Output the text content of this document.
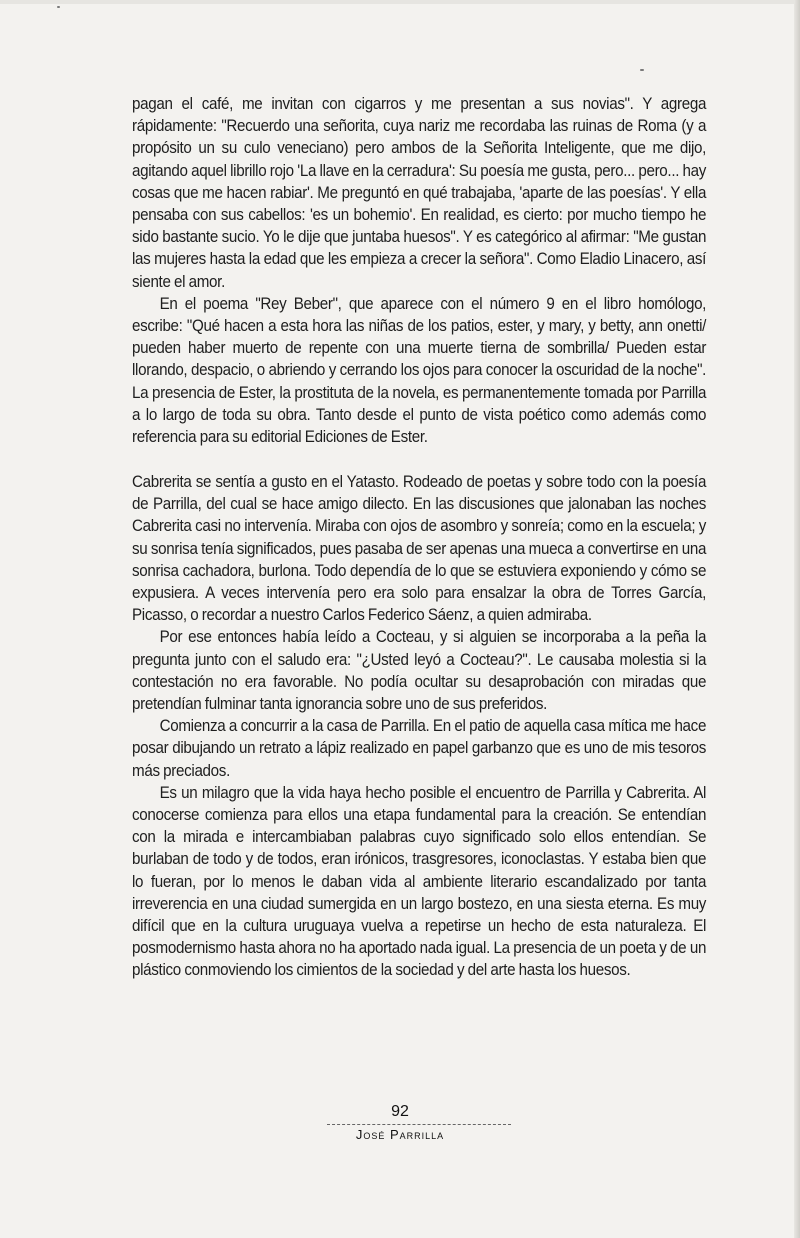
pagan el café, me invitan con cigarros y me presentan a sus novias". Y agrega rápidamente: "Recuerdo una señorita, cuya nariz me recordaba las ruinas de Roma (y a propósito un su culo veneciano) pero ambos de la Señorita Inteligente, que me dijo, agitando aquel librillo rojo 'La llave en la cerradura': Su poesía me gusta, pero... pero... hay cosas que me hacen rabiar'. Me preguntó en qué trabajaba, 'aparte de las poesías'. Y ella pensaba con sus cabellos: 'es un bohemio'. En realidad, es cierto: por mucho tiempo he sido bastante sucio. Yo le dije que juntaba huesos". Y es categórico al afirmar: "Me gustan las mujeres hasta la edad que les empieza a crecer la señora". Como Eladio Linacero, así siente el amor.

En el poema "Rey Beber", que aparece con el número 9 en el libro homólogo, escribe: "Qué hacen a esta hora las niñas de los patios, ester, y mary, y betty, ann onetti/ pueden haber muerto de repente con una muerte tierna de sombrilla/ Pueden estar llorando, despacio, o abriendo y cerrando los ojos para conocer la oscuridad de la noche". La presencia de Ester, la prostituta de la novela, es permanentemente tomada por Parrilla a lo largo de toda su obra. Tanto desde el punto de vista poético como además como referencia para su editorial Ediciones de Ester.

Cabrerita se sentía a gusto en el Yatasto. Rodeado de poetas y sobre todo con la poesía de Parrilla, del cual se hace amigo dilecto. En las discusiones que jalonaban las noches Cabrerita casi no intervenía. Miraba con ojos de asombro y sonreía; como en la escuela; y su sonrisa tenía significados, pues pasaba de ser apenas una mueca a convertirse en una sonrisa cachadora, burlona. Todo dependía de lo que se estuviera exponiendo y cómo se expusiera. A veces intervenía pero era solo para ensalzar la obra de Torres García, Picasso, o recordar a nuestro Carlos Federico Sáenz, a quien admiraba.

Por ese entonces había leído a Cocteau, y si alguien se incorporaba a la peña la pregunta junto con el saludo era: "¿Usted leyó a Cocteau?". Le causaba molestia si la contestación no era favorable. No podía ocultar su desaprobación con miradas que pretendían fulminar tanta ignorancia sobre uno de sus preferidos.

Comienza a concurrir a la casa de Parrilla. En el patio de aquella casa mítica me hace posar dibujando un retrato a lápiz realizado en papel garbanzo que es uno de mis tesoros más preciados.

Es un milagro que la vida haya hecho posible el encuentro de Parrilla y Cabrerita. Al conocerse comienza para ellos una etapa fundamental para la creación. Se entendían con la mirada e intercambiaban palabras cuyo significado solo ellos entendían. Se burlaban de todo y de todos, eran irónicos, trasgresores, iconoclastas. Y estaba bien que lo fueran, por lo menos le daban vida al ambiente literario escandalizado por tanta irreverencia en una ciudad sumergida en un largo bostezo, en una siesta eterna. Es muy difícil que en la cultura uruguaya vuelva a repetirse un hecho de esta naturaleza. El posmodernismo hasta ahora no ha aportado nada igual. La presencia de un poeta y de un plástico conmoviendo los cimientos de la sociedad y del arte hasta los huesos.

92
José Parrilla
